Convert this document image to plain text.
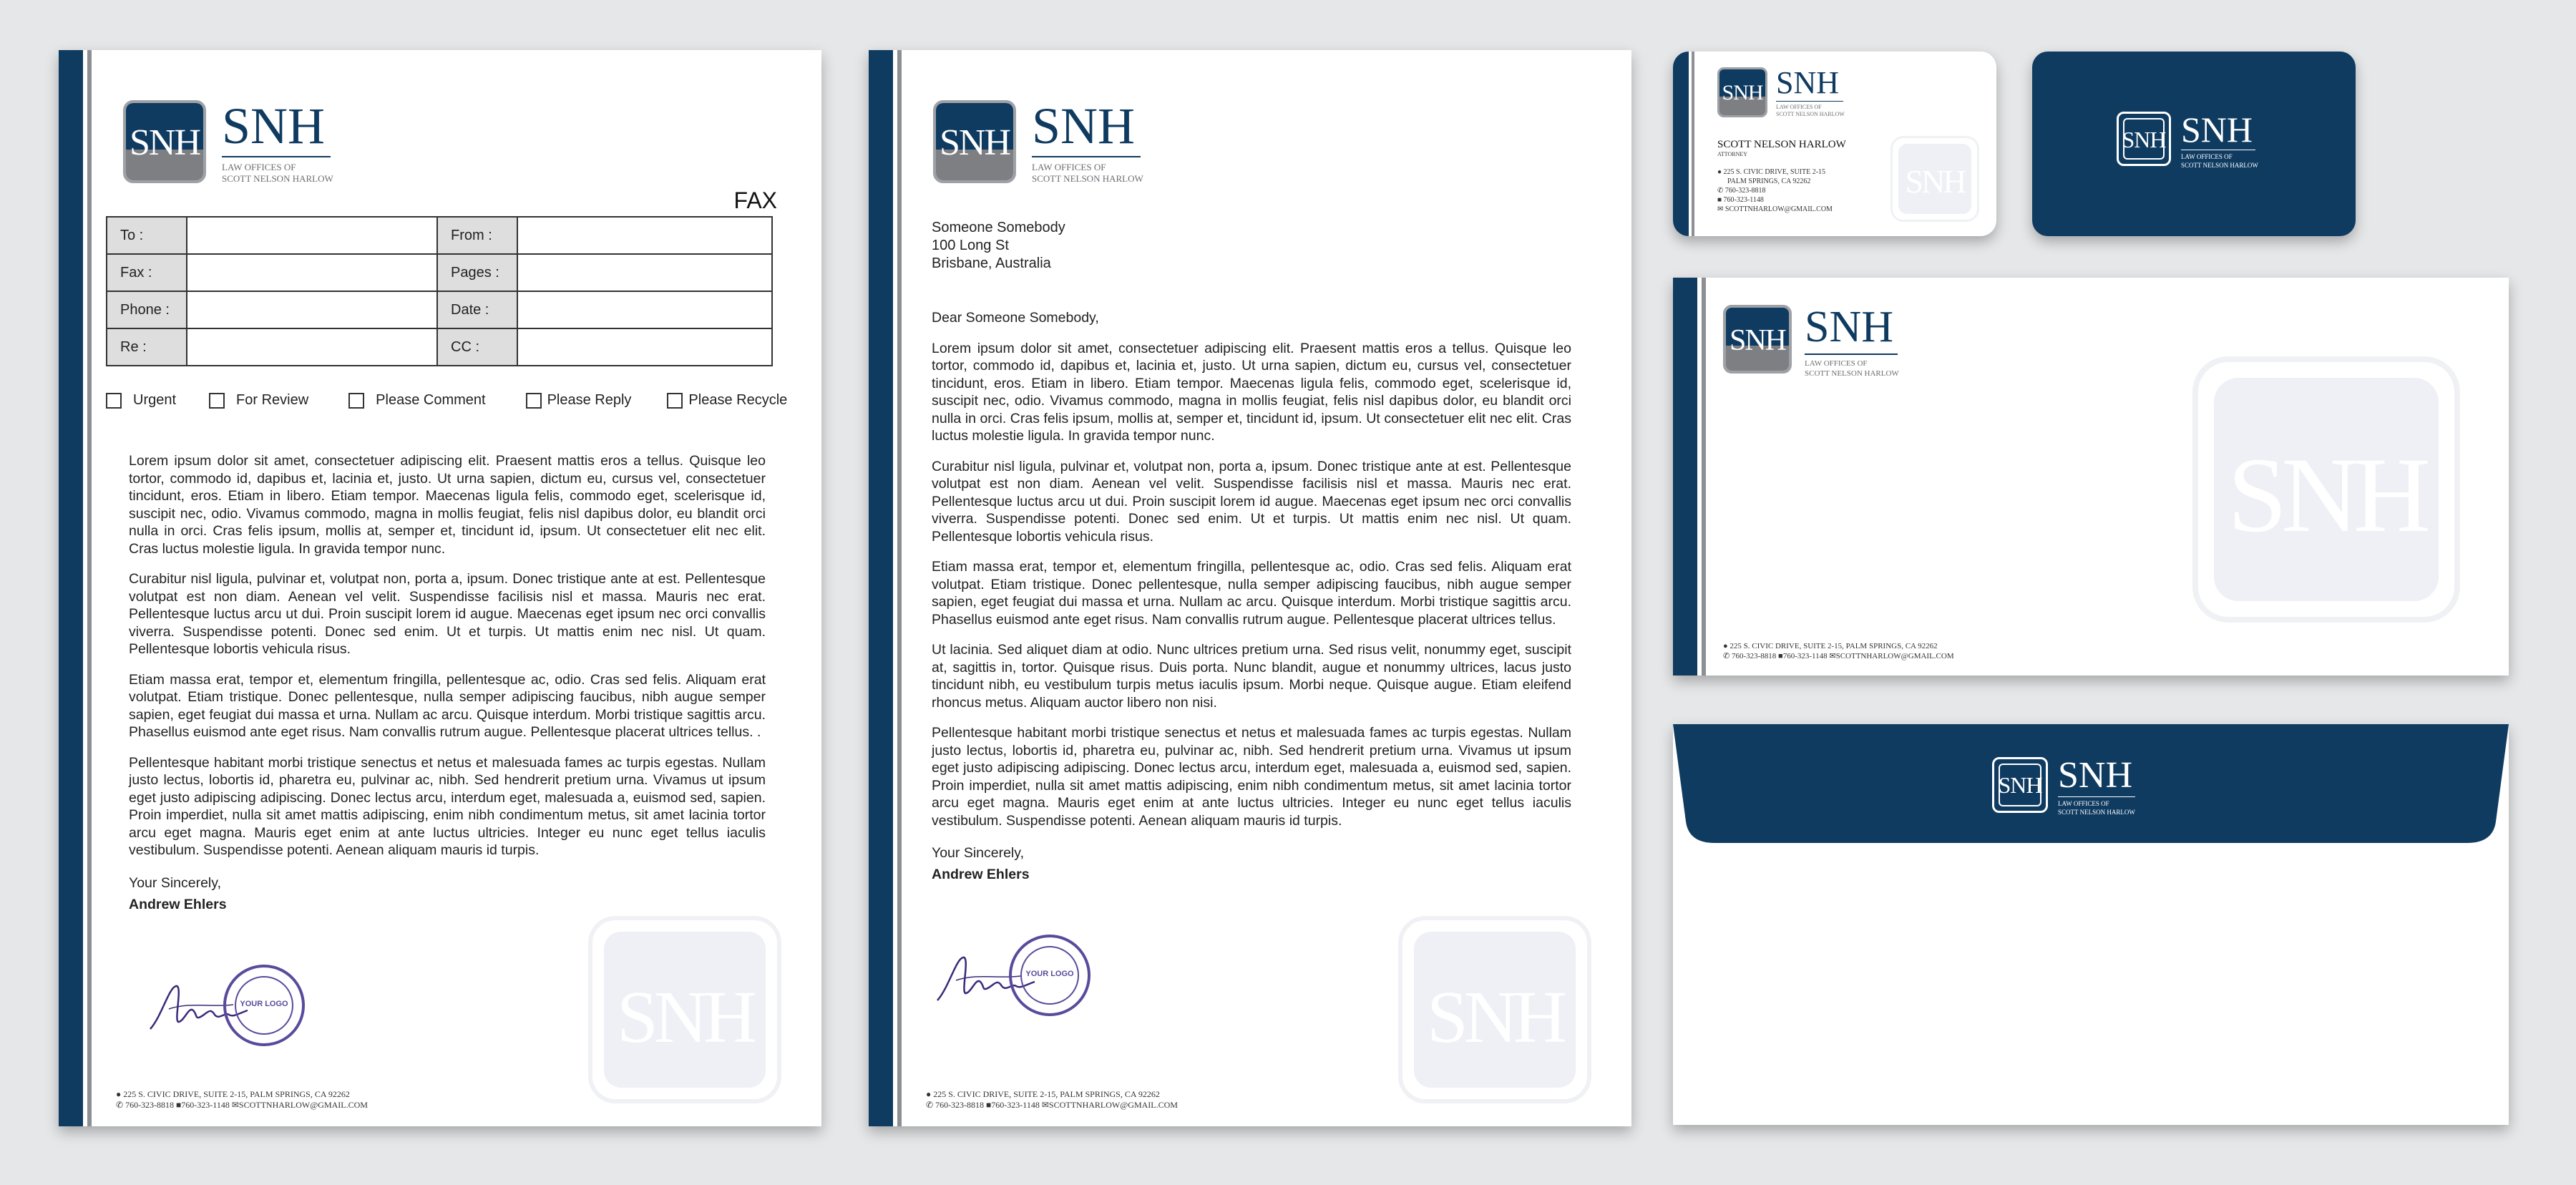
SNH SNH
LAW OFFICES OF
SCOTT NELSON HARLOW
FAX
To :		From :	
Fax :		Pages :	
Phone :		Date :	
Re :		CC :	
Urgent	For Review	Please Comment	Please Reply	Please Recycle
SNH

Lorem ipsum dolor sit amet, consectetuer adipiscing elit. Praesent mattis eros a tellus. Quisque leo tortor, commodo id, dapibus et, lacinia et, justo. Ut urna sapien, dictum eu, cursus vel, consectetuer tincidunt, eros. Etiam in libero. Etiam tempor. Maecenas ligula felis, commodo eget, scelerisque id, suscipit nec, odio. Vivamus commodo, magna in mollis feugiat, felis nisl dapibus dolor, eu blandit orci nulla in orci. Cras felis ipsum, mollis at, semper et, tincidunt id, ipsum. Ut consectetuer elit nec elit. Cras luctus molestie ligula. In gravida tempor nunc.

Curabitur nisl ligula, pulvinar et, volutpat non, porta a, ipsum. Donec tristique ante at est. Pellentesque volutpat est non diam. Aenean vel velit. Suspendisse facilisis nisl et massa. Mauris nec erat. Pellentesque luctus arcu ut dui. Proin suscipit lorem id augue. Maecenas eget ipsum nec orci convallis viverra. Suspendisse potenti. Donec sed enim. Ut et turpis. Ut mattis enim nec nisl. Ut quam. Pellentesque lobortis vehicula risus.

Etiam massa erat, tempor et, elementum fringilla, pellentesque ac, odio. Cras sed felis. Aliquam erat volutpat. Etiam tristique. Donec pellentesque, nulla semper adipiscing faucibus, nibh augue semper sapien, eget feugiat dui massa et urna. Nullam ac arcu. Quisque interdum. Morbi tristique sagittis arcu. Phasellus euismod ante eget risus. Nam convallis rutrum augue. Pellentesque placerat ultrices tellus. .

Pellentesque habitant morbi tristique senectus et netus et malesuada fames ac turpis egestas. Nullam justo lectus, lobortis id, pharetra eu, pulvinar ac, nibh. Sed hendrerit pretium urna. Vivamus ut ipsum eget justo adipiscing adipiscing. Donec lectus arcu, interdum eget, malesuada a, euismod sed, sapien. Proin imperdiet, nulla sit amet mattis adipiscing, enim nibh condimentum metus, sit amet lacinia tortor arcu eget magna. Mauris eget enim at ante luctus ultricies. Integer eu nunc eget tellus iaculis vestibulum. Suspendisse potenti. Aenean aliquam mauris id turpis.

Your Sincerely,
Andrew Ehlers
YOUR LOGO
● 225 S. CIVIC DRIVE, SUITE 2-15, PALM SPRINGS, CA 92262
✆ 760-323-8818 ■760-323-1148 ✉SCOTTNHARLOW@GMAIL.COM
SNH SNH
LAW OFFICES OF
SCOTT NELSON HARLOW
Someone Somebody
100 Long St
Brisbane, Australia
SNH

Dear Someone Somebody,

Lorem ipsum dolor sit amet, consectetuer adipiscing elit. Praesent mattis eros a tellus. Quisque leo tortor, commodo id, dapibus et, lacinia et, justo. Ut urna sapien, dictum eu, cursus vel, consectetuer tincidunt, eros. Etiam in libero. Etiam tempor. Maecenas ligula felis, commodo eget, scelerisque id, suscipit nec, odio. Vivamus commodo, magna in mollis feugiat, felis nisl dapibus dolor, eu blandit orci nulla in orci. Cras felis ipsum, mollis at, semper et, tincidunt id, ipsum. Ut consectetuer elit nec elit. Cras luctus molestie ligula. In gravida tempor nunc.

Curabitur nisl ligula, pulvinar et, volutpat non, porta a, ipsum. Donec tristique ante at est. Pellentesque volutpat est non diam. Aenean vel velit. Suspendisse facilisis nisl et massa. Mauris nec erat. Pellentesque luctus arcu ut dui. Proin suscipit lorem id augue. Maecenas eget ipsum nec orci convallis viverra. Suspendisse potenti. Donec sed enim. Ut et turpis. Ut mattis enim nec nisl. Ut quam. Pellentesque lobortis vehicula risus.

Etiam massa erat, tempor et, elementum fringilla, pellentesque ac, odio. Cras sed felis. Aliquam erat volutpat. Etiam tristique. Donec pellentesque, nulla semper adipiscing faucibus, nibh augue semper sapien, eget feugiat dui massa et urna. Nullam ac arcu. Quisque interdum. Morbi tristique sagittis arcu. Phasellus euismod ante eget risus. Nam convallis rutrum augue. Pellentesque placerat ultrices tellus.

Ut lacinia. Sed aliquet diam at odio. Nunc ultrices pretium urna. Sed risus velit, nonummy eget, suscipit at, sagittis in, tortor. Quisque risus. Duis porta. Nunc blandit, augue et nonummy ultrices, lacus justo tincidunt nibh, eu vestibulum turpis metus iaculis ipsum. Morbi neque. Quisque augue. Etiam eleifend rhoncus metus. Aliquam auctor libero non nisi.

Pellentesque habitant morbi tristique senectus et netus et malesuada fames ac turpis egestas. Nullam justo lectus, lobortis id, pharetra eu, pulvinar ac, nibh. Sed hendrerit pretium urna. Vivamus ut ipsum eget justo adipiscing adipiscing. Donec lectus arcu, interdum eget, malesuada a, euismod sed, sapien. Proin imperdiet, nulla sit amet mattis adipiscing, enim nibh condimentum metus, sit amet lacinia tortor arcu eget magna. Mauris eget enim at ante luctus ultricies. Integer eu nunc eget tellus iaculis vestibulum. Suspendisse potenti. Aenean aliquam mauris id turpis.

Your Sincerely,
Andrew Ehlers
YOUR LOGO
● 225 S. CIVIC DRIVE, SUITE 2-15, PALM SPRINGS, CA 92262
✆ 760-323-8818 ■760-323-1148 ✉SCOTTNHARLOW@GMAIL.COM
SNH SNH
LAW OFFICES OF
SCOTT NELSON HARLOW
SCOTT NELSON HARLOW
ATTORNEY
● 225 S. CIVIC DRIVE, SUITE 2-15
PALM SPRINGS, CA 92262
✆ 760-323-8818
■ 760-323-1148
✉ SCOTTNHARLOW@GMAIL.COM
SNH
SNH SNH
LAW OFFICES OF
SCOTT NELSON HARLOW
SNH SNH
LAW OFFICES OF
SCOTT NELSON HARLOW
SNH
● 225 S. CIVIC DRIVE, SUITE 2-15, PALM SPRINGS, CA 92262
✆ 760-323-8818 ■760-323-1148 ✉SCOTTNHARLOW@GMAIL.COM
SNH SNH
LAW OFFICES OF
SCOTT NELSON HARLOW
